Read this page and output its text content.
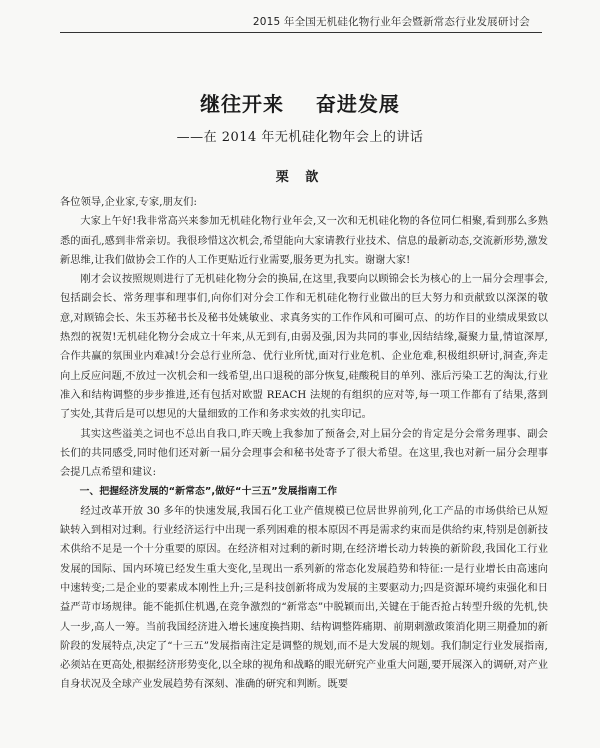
2015 年全国无机硅化物行业年会暨新常态行业发展研讨会
继往开来    奋进发展
——在 2014 年无机硅化物年会上的讲话
栗 歆

各位领导,企业家,专家,朋友们:

大家上午好!我非常高兴来参加无机硅化物行业年会,又一次和无机硅化物的各位同仁相聚,看到那么多熟悉的面孔,感到非常亲切。我很珍惜这次机会,希望能向大家请教行业技术、信息的最新动态,交流新形势,激发新思维,让我们做协会工作的人工作更贴近行业需要,服务更为扎实。谢谢大家!

刚才会议按照规则进行了无机硅化物分会的换届,在这里,我要向以顾锦会长为核心的上一届分会理事会,包括副会长、常务理事和理事们,向你们对分会工作和无机硅化物行业做出的巨大努力和贡献致以深深的敬意,对顾锦会长、朱玉苏秘书长及秘书处姚敏业、求真务实的工作作风和可圈可点、的坊作目的业绩成果致以热烈的祝贺!无机硅化物分会成立十年来,从无到有,由弱及强,因为共同的事业,因结结缘,凝聚力量,情谊深厚,合作共赢的氛围业内难减!分会总行业所急、优行业所忧,面对行业危机、企业危难,积极组织研讨,洞查,奔走向上反应问题,不放过一次机会和一线希望,出口退税的部分恢复,硅酸税目的单列、涨后污染工艺的淘汰,行业准入和结构调整的步步推进,还有包括对欧盟 REACH 法规的有组织的应对等,每一项工作都有了结果,落到了实处,其背后是可以想见的大量细致的工作和务求实效的扎实印记。

其实这些溢美之词也不总出自我口,昨天晚上我参加了预备会,对上届分会的肯定是分会常务理事、副会长们的共同感受,同时他们还对新一届分会理事会和秘书处寄予了很大希望。在这里,我也对新一届分会理事会提几点希望和建议:

一、把握经济发展的“新常态”,做好“十三五”发展指南工作

经过改革开放 30 多年的快速发展,我国石化工业产值规模已位居世界前列,化工产品的市场供给已从短缺转入到相对过剩。行业经济运行中出现一系列困难的根本原因不再是需求约束而是供给约束,特别是创新技术供给不足是一个十分重要的原因。在经济相对过剩的新时期,在经济增长动力转换的新阶段,我国化工行业发展的国际、国内环境已经发生重大变化,呈现出一系列新的常态化发展趋势和特征:一是行业增长由高速向中速转变;二是企业的要素成本刚性上升;三是科技创新将成为发展的主要驱动力;四是资源环境约束强化和日益严苛市场规律。能不能抓住机遇,在竞争激烈的“新常态”中脱颖而出,关键在于能否抢占转型升级的先机,快人一步,高人一筹。当前我国经济进入增长速度换挡期、结构调整阵痛期、前期刺激政策消化期三期叠加的新阶段的发展特点,决定了“十三五”发展指南注定是调整的规划,而不是大发展的规划。我们制定行业发展指南,必须站在更高处,根据经济形势变化,以全球的视角和战略的眼光研究产业重大问题,要开展深入的调研,对产业自身状况及全球产业发展趋势有深刻、准确的研究和判断。既要
